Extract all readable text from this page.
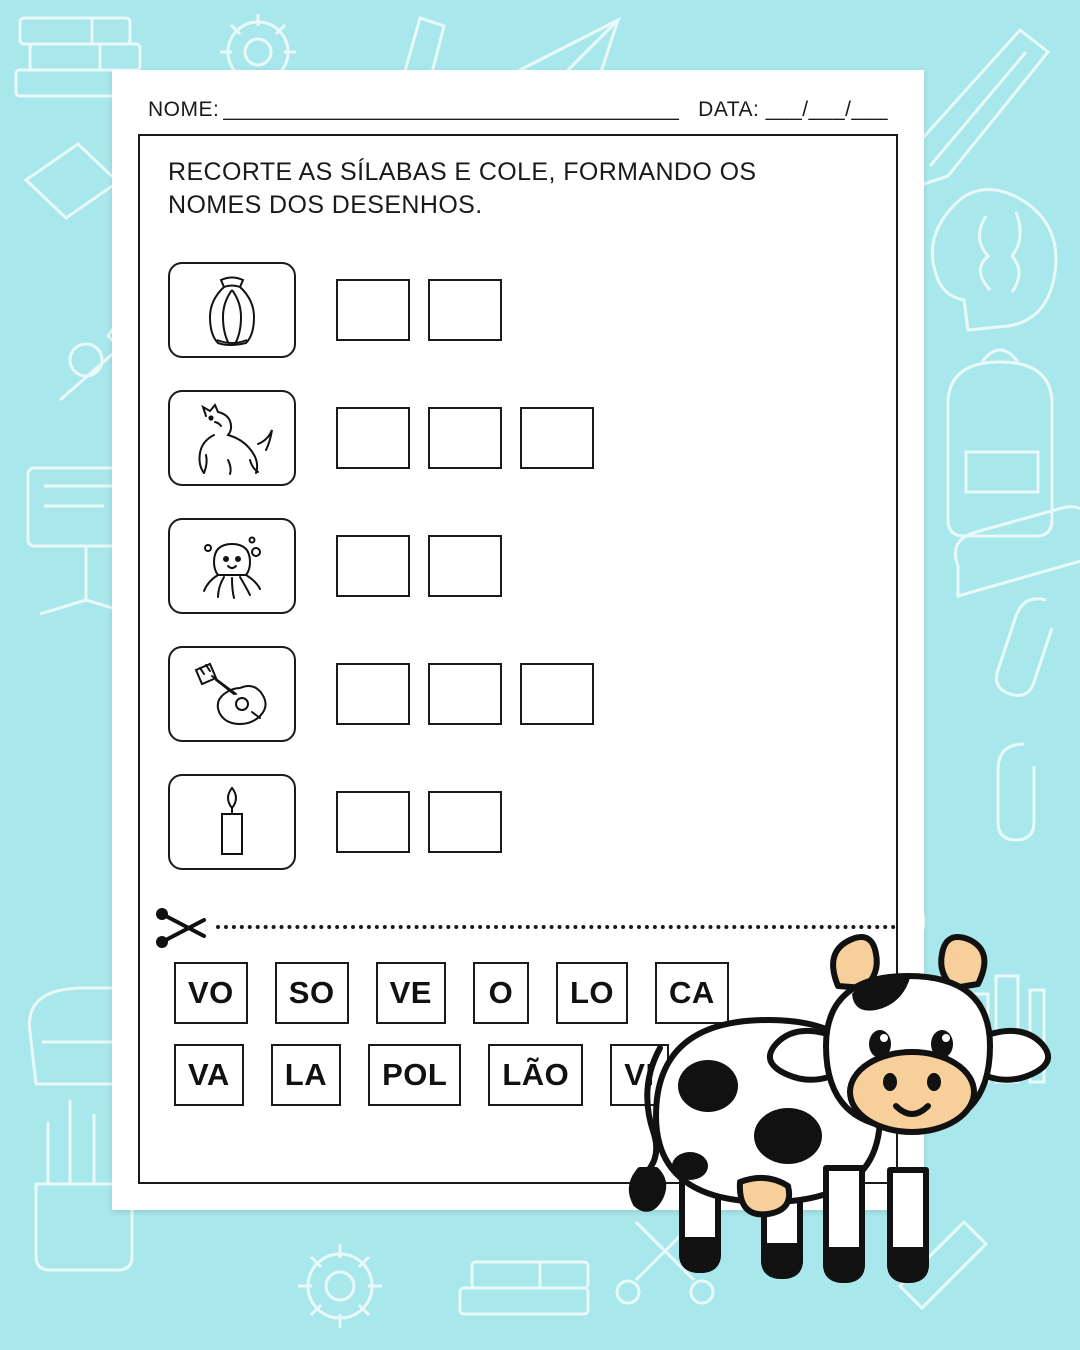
NOME: _______________________________________ DATA: ___/___/___
RECORTE AS SÍLABAS E COLE, FORMANDO OS NOMES DOS DESENHOS.
VO	SO	VE	O	LO	CA
VA	LA	POL	LÃO	VI
